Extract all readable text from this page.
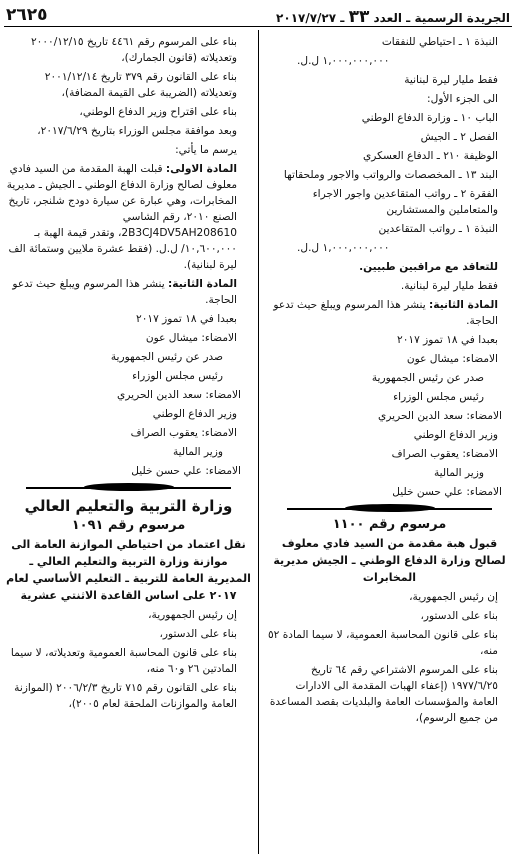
الجريدة الرسمية ـ العدد ٣٣ ـ ٢٠١٧/٧/٢٧
٢٦٢٥

النبذة ١ ـ احتياطي للنفقات

١,٠٠٠,٠٠٠,٠٠٠ ل.ل.

فقط مليار ليرة لبنانية

الى الجزء الأول:

الباب ١٠ ـ وزارة الدفاع الوطني

الفصل ٢ ـ الجيش

الوظيفة ٢١٠ ـ الدفاع العسكري

البند ١٣ ـ المخصصات والرواتب والاجور وملحقاتها

الفقرة ٢ ـ رواتب المتقاعدين واجور الاجراء والمتعاملين والمستشارين

النبذة ١ ـ رواتب المتقاعدين

١,٠٠٠,٠٠٠,٠٠٠ ل.ل.

للتعاقد مع مراقبين طبيين.

فقط مليار ليرة لبنانية.

المادة الثانية: ينشر هذا المرسوم ويبلغ حيث تدعو الحاجة.

بعبدا في ١٨ تموز ٢٠١٧

الامضاء: ميشال عون

صدر عن رئيس الجمهورية

رئيس مجلس الوزراء

الامضاء: سعد الدين الحريري

وزير الدفاع الوطني

الامضاء: يعقوب الصراف

وزير المالية

الامضاء: علي حسن خليل

مرسوم رقم ١١٠٠

قبول هبة مقدمة من السيد فادي معلوف لصالح وزارة الدفاع الوطني ـ الجيش مديرية المخابرات

إن رئيس الجمهورية،

بناء على الدستور،

بناء على قانون المحاسبة العمومية، لا سيما المادة ٥٢ منه،

بناء على المرسوم الاشتراعي رقم ٦٤ تاريخ ١٩٧٧/٦/٢٥ (إعفاء الهبات المقدمة الى الادارات العامة والمؤسسات العامة والبلديات بقصد المساعدة من جميع الرسوم)،

بناء على المرسوم رقم ٤٤٦١ تاريخ ٢٠٠٠/١٢/١٥ وتعديلاته (قانون الجمارك)،

بناء على القانون رقم ٣٧٩ تاريخ ٢٠٠١/١٢/١٤ وتعديلاته (الضريبة على القيمة المضافة)،

بناء على اقتراح وزير الدفاع الوطني،

وبعد موافقة مجلس الوزراء بتاريخ ٢٠١٧/٦/٢٩،

يرسم ما يأتي:

المادة الاولى: قبلت الهبة المقدمة من السيد فادي معلوف لصالح وزارة الدفاع الوطني ـ الجيش ـ مديرية المخابرات، وهي عبارة عن سيارة دودج شلنجر، تاريخ الصنع ٢٠١٠، رقم الشاسي 2B3CJ4DV5AH208610، وتقدر قيمة الهبة بـ ١٠,٦٠٠,٠٠٠/ ل.ل. (فقط عشرة ملايين وستمائة الف ليرة لبنانية).

المادة الثانية: ينشر هذا المرسوم ويبلغ حيث تدعو الحاجة.

بعبدا في ١٨ تموز ٢٠١٧

الامضاء: ميشال عون

صدر عن رئيس الجمهورية

رئيس مجلس الوزراء

الامضاء: سعد الدين الحريري

وزير الدفاع الوطني

الامضاء: يعقوب الصراف

وزير المالية

الامضاء: علي حسن خليل

وزارة التربية والتعليم العالي

مرسوم رقم ١٠٩١

نقل اعتماد من احتياطي الموازنة العامة الى موازنة وزارة التربية والتعليم العالي ـ المديرية العامة للتربية ـ التعليم الأساسي لعام ٢٠١٧ على اساس القاعدة الاثنتي عشرية

إن رئيس الجمهورية،

بناء على الدستور،

بناء على قانون المحاسبة العمومية وتعديلاته، لا سيما المادتين ٢٦ و٦٠ منه،

بناء على القانون رقم ٧١٥ تاريخ ٢٠٠٦/٢/٣ (الموازنة العامة والموازنات الملحقة لعام ٢٠٠٥)،
